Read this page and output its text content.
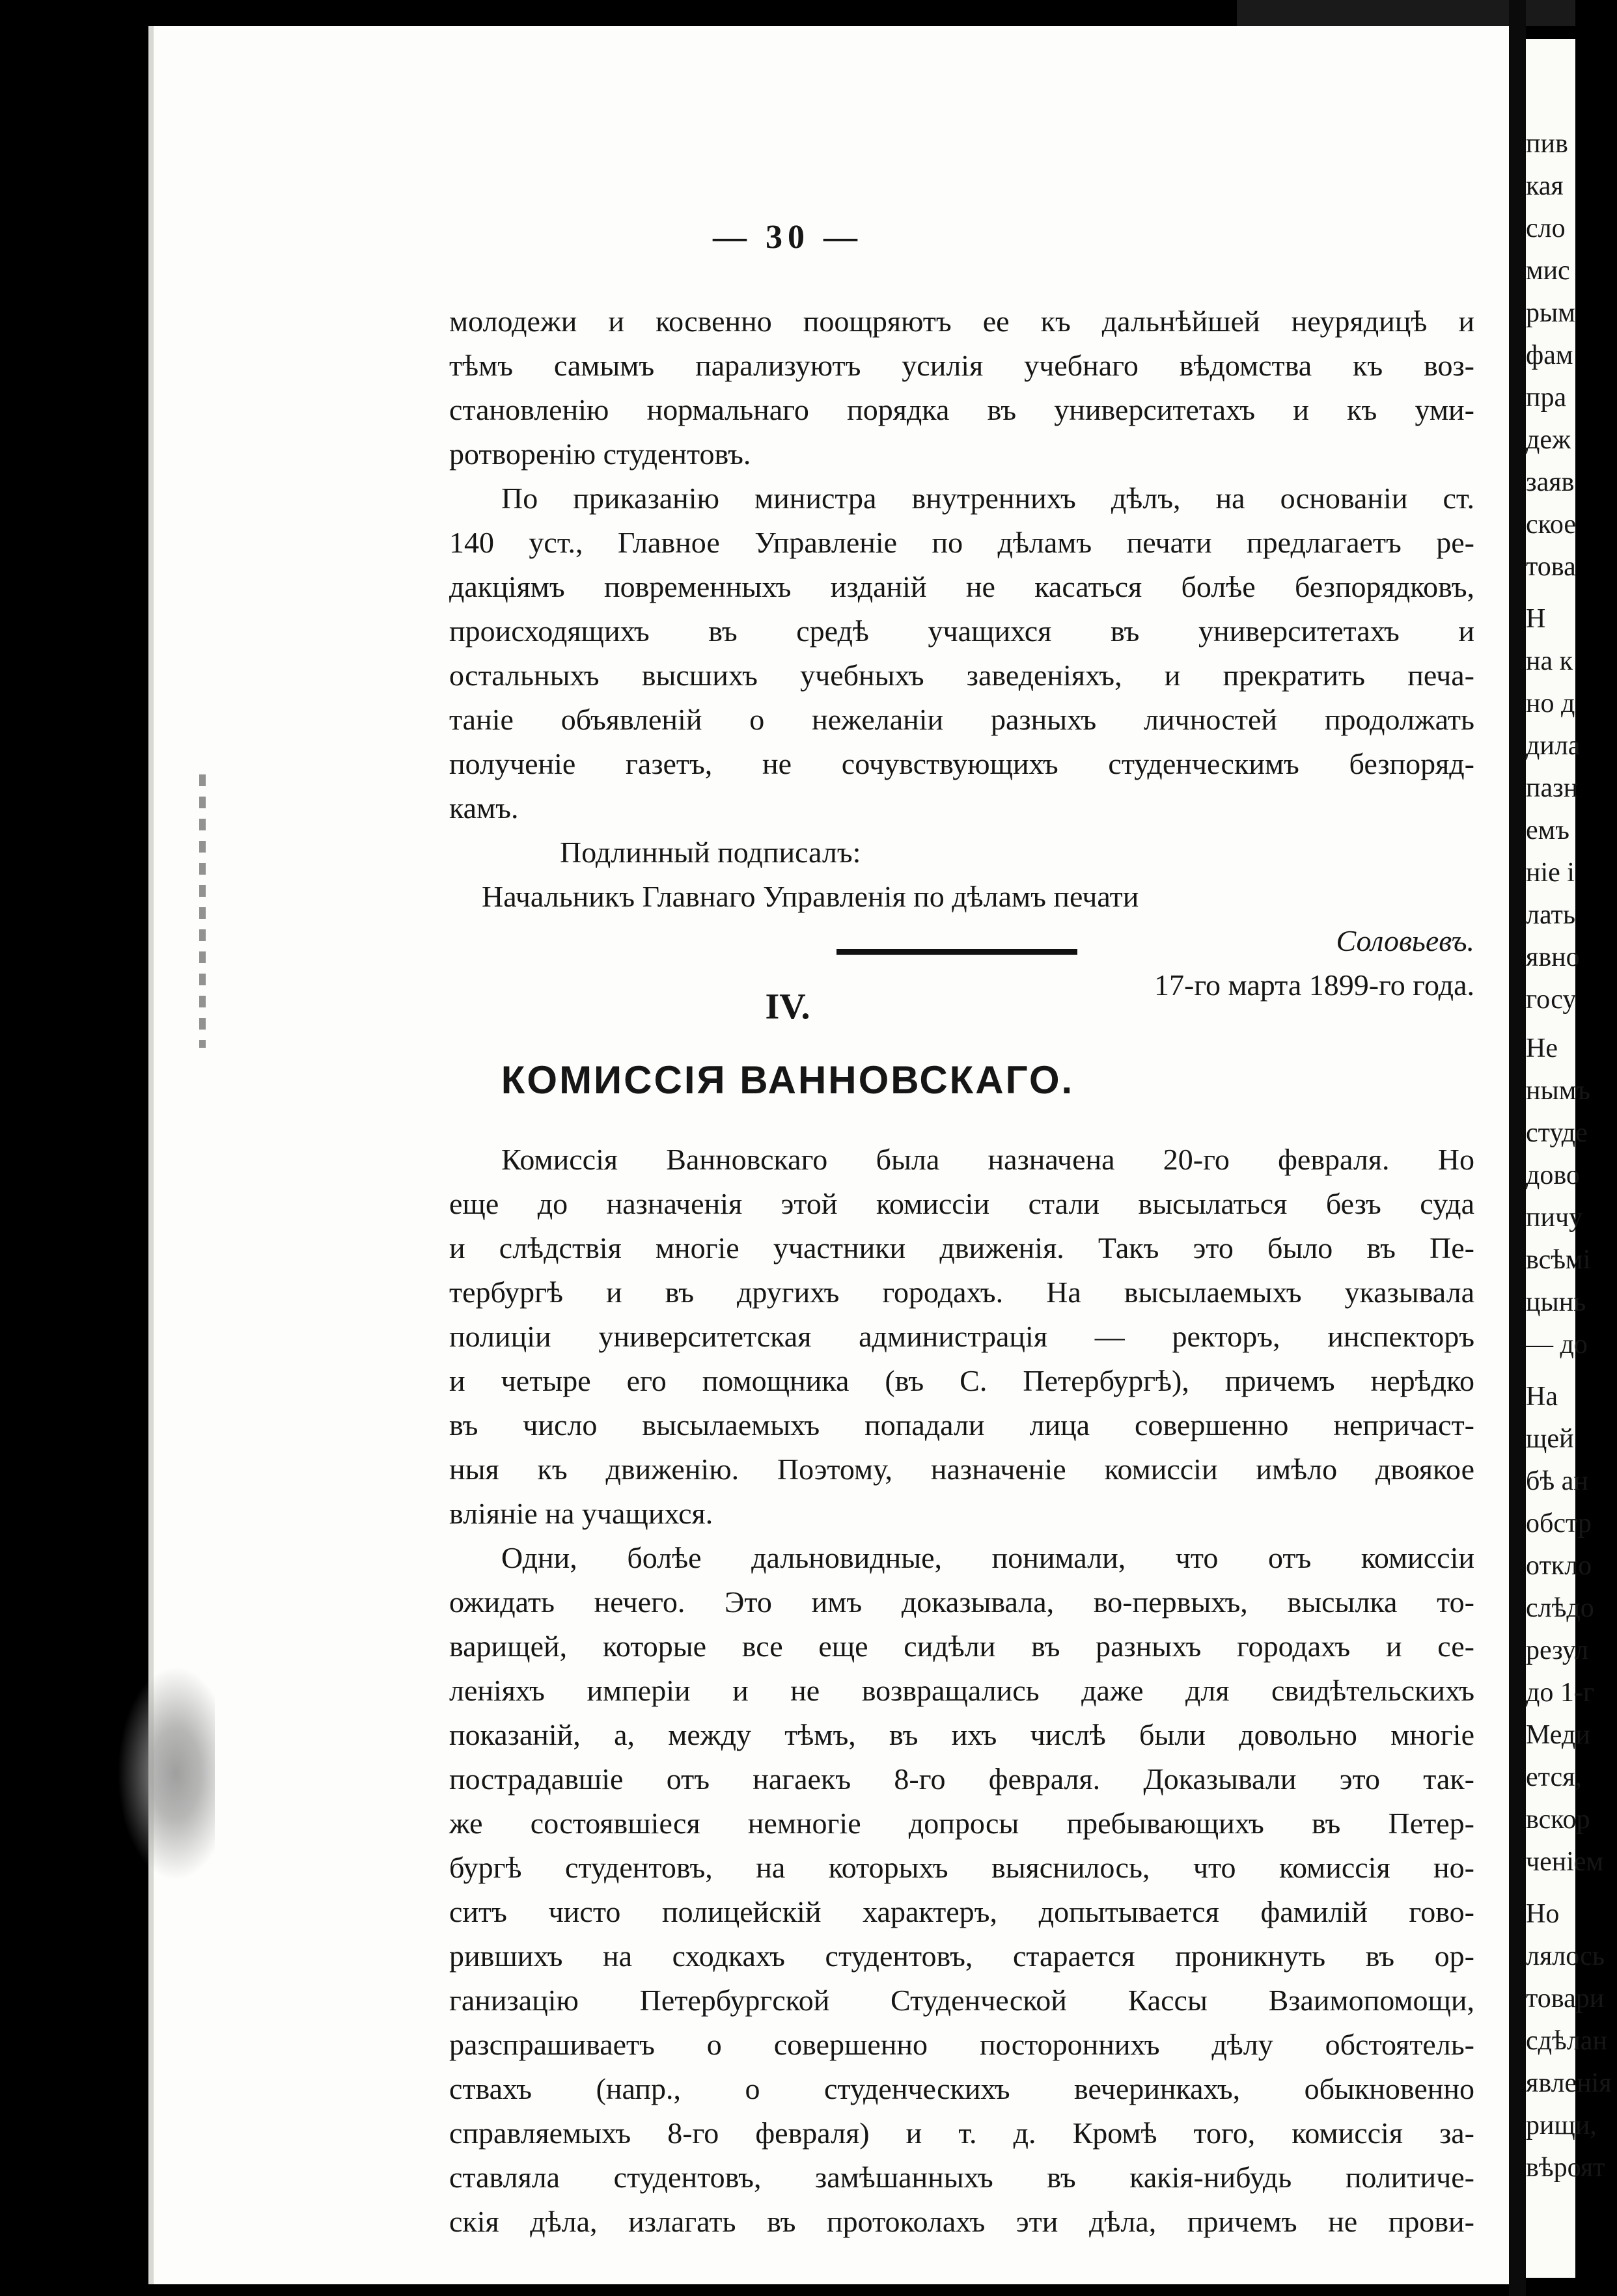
пив
кая
сло
мис
рым
фам
пра
деж
заяв
ское
това
Н
на к
но д
дила
пазн
емъ
ніе і
лать
явно
госу
Не
нымъ
студе
дово
пичу
всѣмі
цынь
— до
На
щей
бѣ ан
обстр
откло
слѣдо
резул
до 1-г
Меди
ется,
вскор
ченіем
Но
лялось
товари
сдѣлан
явленія
рищи,
вѣроят
— 30 —
молодежи и косвенно поощряютъ ее къ дальнѣйшей неурядицѣ и
тѣмъ самымъ парализуютъ усилія учебнаго вѣдомства къ воз-
становленію нормальнаго порядка въ университетахъ и къ уми-
ротворенію студентовъ.
По приказанію министра внутреннихъ дѣлъ, на основаніи ст.
140 уст., Главное Управленіе по дѣламъ печати предлагаетъ ре-
дакціямъ повременныхъ изданій не касаться болѣе безпорядковъ,
происходящихъ въ средѣ учащихся въ университетахъ и
остальныхъ высшихъ учебныхъ заведеніяхъ, и прекратить печа-
таніе объявленій о нежеланіи разныхъ личностей продолжать
полученіе газетъ, не сочувствующихъ студенческимъ безпоряд-
камъ.
Подлинный подписалъ:
Начальникъ Главнаго Управленія по дѣламъ печати
Соловьевъ.
17-го марта 1899-го года.
IV.
КОМИССІЯ ВАННОВСКАГО.
Комиссія Ванновскаго была назначена 20-го февраля. Но
еще до назначенія этой комиссіи стали высылаться безъ суда
и слѣдствія многіе участники движенія. Такъ это было въ Пе-
тербургѣ и въ другихъ городахъ. На высылаемыхъ указывала
полиціи университетская администрація — ректоръ, инспекторъ
и четыре его помощника (въ С. Петербургѣ), причемъ нерѣдко
въ число высылаемыхъ попадали лица совершенно непричаст-
ныя къ движенію. Поэтому, назначеніе комиссіи имѣло двоякое
вліяніе на учащихся.
Одни, болѣе дальновидные, понимали, что отъ комиссіи
ожидать нечего. Это имъ доказывала, во-первыхъ, высылка то-
варищей, которые все еще сидѣли въ разныхъ городахъ и се-
леніяхъ имперіи и не возвращались даже для свидѣтельскихъ
показаній, а, между тѣмъ, въ ихъ числѣ были довольно многіе
пострадавшіе отъ нагаекъ 8-го февраля. Доказывали это так-
же состоявшіеся немногіе допросы пребывающихъ въ Петер-
бургѣ студентовъ, на которыхъ выяснилось, что комиссія но-
ситъ чисто полицейскій характеръ, допытывается фамилій гово-
рившихъ на сходкахъ студентовъ, старается проникнуть въ ор-
ганизацію Петербургской Студенческой Кассы Взаимопомощи,
разспрашиваетъ о совершенно постороннихъ дѣлу обстоятель-
ствахъ (напр., о студенческихъ вечеринкахъ, обыкновенно
справляемыхъ 8-го февраля) и т. д. Кромѣ того, комиссія за-
ставляла студентовъ, замѣшанныхъ въ какія-нибудь политиче-
скія дѣла, излагать въ протоколахъ эти дѣла, причемъ не прови-
